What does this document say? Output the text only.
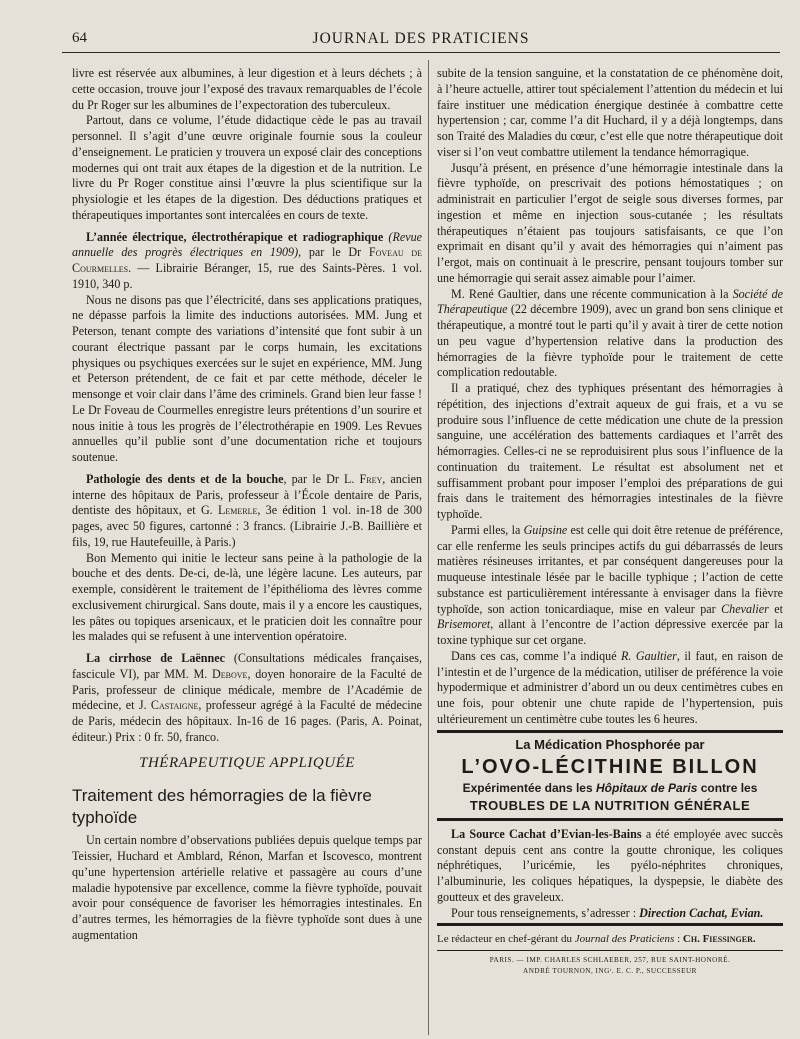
64	JOURNAL DES PRATICIENS

livre est réservée aux albumines, à leur digestion et à leurs déchets ; à cette occasion, trouve jour l’exposé des travaux remarquables de l’école du Pr Roger sur les albumines de l’expectoration des tuberculeux.

Partout, dans ce volume, l’étude didactique cède le pas au travail personnel. Il s’agit d’une œuvre originale fournie sous la couleur d’enseignement. Le praticien y trouvera un exposé clair des conceptions modernes qui ont trait aux étapes de la digestion et de la nutrition. Le livre du Pr Roger constitue ainsi l’œuvre la plus scientifique sur la physiologie et les étapes de la digestion. Des déductions pratiques et thérapeutiques importantes sont intercalées en cours de texte.

L’année électrique, électrothérapique et radiographique (Revue annuelle des progrès électriques en 1909), par le Dr Foveau de Courmelles. — Librairie Béranger, 15, rue des Saints-Pères. 1 vol. 1910, 340 p.

Nous ne disons pas que l’électricité, dans ses applications pratiques, ne dépasse parfois la limite des inductions autorisées. MM. Jung et Peterson, tenant compte des variations d’intensité que font subir à un courant électrique passant par le corps humain, les excitations physiques ou psychiques exercées sur le sujet en expérience, MM. Jung et Peterson prétendent, de ce fait et par cette méthode, déceler le mensonge et voir clair dans l’âme des criminels. Grand bien leur fasse ! Le Dr Foveau de Courmelles enregistre leurs prétentions d’un sourire et nous initie à tous les progrès de l’électrothérapie en 1909. Les Revues annuelles qu’il publie sont d’une documentation riche et toujours soutenue.

Pathologie des dents et de la bouche, par le Dr L. Frey, ancien interne des hôpitaux de Paris, professeur à l’École dentaire de Paris, dentiste des hôpitaux, et G. Lemerle, 3e édition 1 vol. in-18 de 300 pages, avec 50 figures, cartonné : 3 francs. (Librairie J.-B. Baillière et fils, 19, rue Hautefeuille, à Paris.)

Bon Memento qui initie le lecteur sans peine à la pathologie de la bouche et des dents. De-ci, de-là, une légère lacune. Les auteurs, par exemple, considèrent le traitement de l’épithélioma des lèvres comme exclusivement chirurgical. Sans doute, mais il y a encore les caustiques, les pâtes ou topiques arsenicaux, et le praticien doit les connaître pour les malades qui se refusent à une intervention opératoire.

La cirrhose de Laënnec (Consultations médicales françaises, fascicule VI), par MM. M. Debove, doyen honoraire de la Faculté de Paris, professeur de clinique médicale, membre de l’Académie de médecine, et J. Castaigne, professeur agrégé à la Faculté de médecine de Paris, médecin des hôpitaux. In-16 de 16 pages. (Paris, A. Poinat, éditeur.) Prix : 0 fr. 50, franco.

THÉRAPEUTIQUE APPLIQUÉE

Traitement des hémorragies de la fièvre typhoïde

Un certain nombre d’observations publiées depuis quelque temps par Teissier, Huchard et Amblard, Rénon, Marfan et Iscovesco, montrent qu’une hypertension artérielle relative et passagère au cours d’une maladie hypotensive par excellence, comme la fièvre typhoïde, pouvait avoir pour conséquence de favoriser les hémorragies intestinales. En d’autres termes, les hémorragies de la fièvre typhoïde sont dues à une augmentation

subite de la tension sanguine, et la constatation de ce phénomène doit, à l’heure actuelle, attirer tout spécialement l’attention du médecin et lui faire instituer une médication énergique destinée à combattre cette hypertension ; car, comme l’a dit Huchard, il y a déjà longtemps, dans son Traité des Maladies du cœur, c’est elle que notre thérapeutique doit viser si l’on veut combattre utilement la tendance hémorragique.

Jusqu’à présent, en présence d’une hémorragie intestinale dans la fièvre typhoïde, on prescrivait des potions hémostatiques ; on administrait en particulier l’ergot de seigle sous diverses formes, par ingestion et même en injection sous-cutanée ; les résultats thérapeutiques n’étaient pas toujours satisfaisants, ce que l’on exprimait en disant qu’il y avait des hémorragies qui n’aiment pas l’ergot, mais on continuait à le prescrire, pensant toujours tomber sur une hémorragie qui serait assez aimable pour l’aimer.

M. René Gaultier, dans une récente communication à la Société de Thérapeutique (22 décembre 1909), avec un grand bon sens clinique et thérapeutique, a montré tout le parti qu’il y avait à tirer de cette notion un peu vague d’hypertension relative dans la production des hémorragies de la fièvre typhoïde pour le traitement de cette complication redoutable.

Il a pratiqué, chez des typhiques présentant des hémorragies à répétition, des injections d’extrait aqueux de gui frais, et a vu se produire sous l’influence de cette médication une chute de la pression sanguine, une accélération des battements cardiaques et l’arrêt des hémorragies. Celles-ci ne se reproduisirent plus sous l’influence de la continuation du traitement. Le résultat est absolument net et suffisamment probant pour imposer l’emploi des préparations de gui frais dans le traitement des hémorragies intestinales de la fièvre typhoïde.

Parmi elles, la Guipsine est celle qui doit être retenue de préférence, car elle renferme les seuls principes actifs du gui débarrassés de leurs matières résineuses irritantes, et par conséquent dangereuses pour la muqueuse intestinale lésée par le bacille typhique ; l’action de cette substance est particulièrement intéressante à envisager dans la fièvre typhoïde, son action tonicardiaque, mise en valeur par Chevalier et Brisemoret, allant à l’encontre de l’action dépressive exercée par la toxine typhique sur cet organe.

Dans ces cas, comme l’a indiqué R. Gaultier, il faut, en raison de l’intestin et de l’urgence de la médication, utiliser de préférence la voie hypodermique et administrer d’abord un ou deux centimètres cubes en une fois, pour obtenir une chute rapide de l’hypertension, puis ultérieurement un centimètre cube toutes les 6 heures.

La Médication Phosphorée par
L’OVO-LÉCITHINE BILLON
Expérimentée dans les Hôpitaux de Paris contre les
TROUBLES DE LA NUTRITION GÉNÉRALE

La Source Cachat d’Evian-les-Bains a été employée avec succès constant depuis cent ans contre la goutte chronique, les coliques néphrétiques, l’uricémie, les pyélo-néphrites chroniques, l’albuminurie, les coliques hépatiques, la dyspepsie, le diabète des goutteux et des graveleux.

Pour tous renseignements, s’adresser : Direction Cachat, Evian.

Le rédacteur en chef-gérant du Journal des Praticiens : Ch. Fiessinger.

PARIS. — IMP. CHARLES SCHLAEBER, 257, RUE SAINT-HONORÉ.
ANDRÉ TOURNON, INGʳ. E. C. P., SUCCESSEUR
